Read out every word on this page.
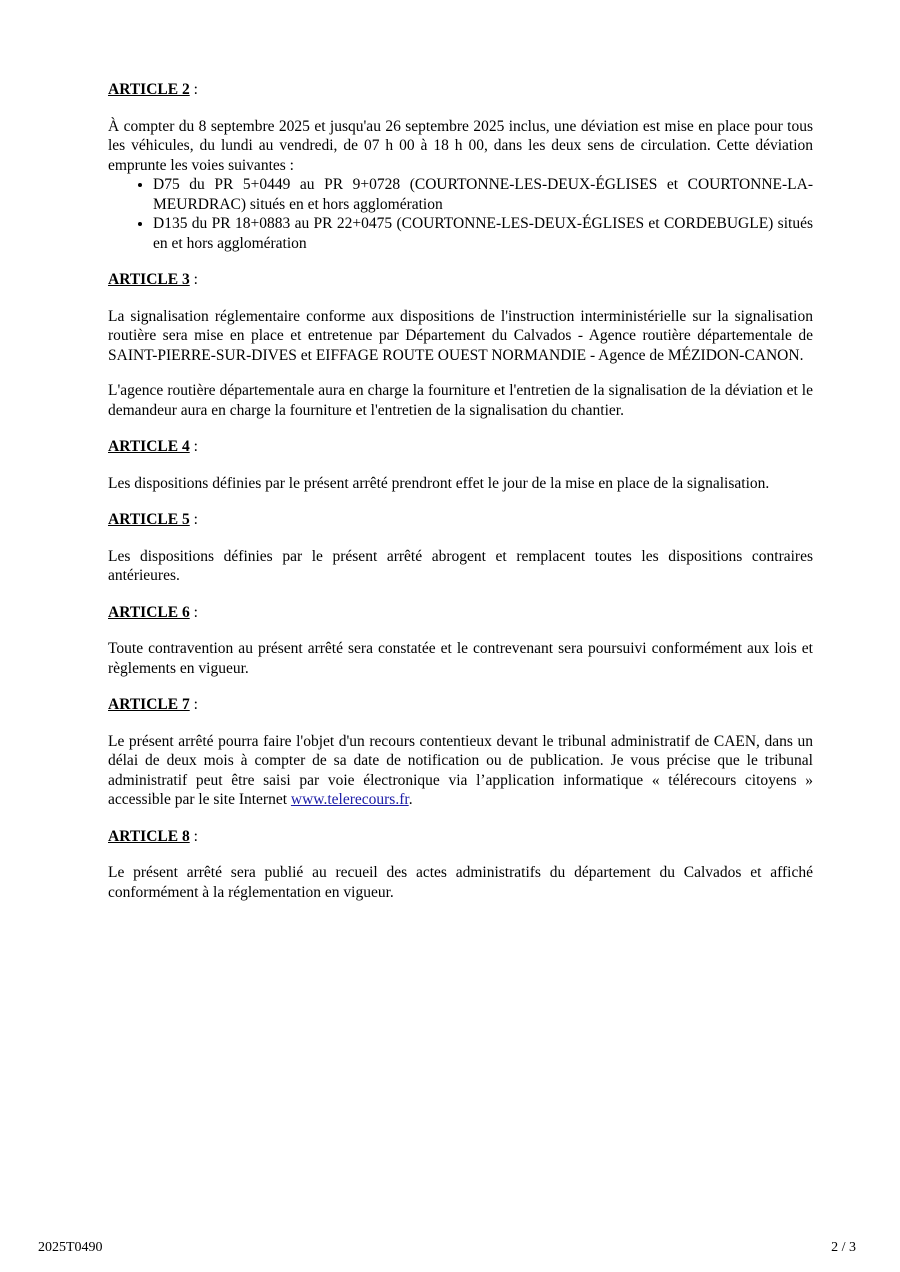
ARTICLE 2 :

À compter du 8 septembre 2025 et jusqu'au 26 septembre 2025 inclus, une déviation est mise en place pour tous les véhicules, du lundi au vendredi, de 07 h 00 à 18 h 00, dans les deux sens de circulation. Cette déviation emprunte les voies suivantes :

• D75 du PR 5+0449 au PR 9+0728 (COURTONNE-LES-DEUX-ÉGLISES et COURTONNE-LA-MEURDRAC) situés en et hors agglomération
• D135 du PR 18+0883 au PR 22+0475 (COURTONNE-LES-DEUX-ÉGLISES et CORDEBUGLE) situés en et hors agglomération

ARTICLE 3 :

La signalisation réglementaire conforme aux dispositions de l'instruction interministérielle sur la signalisation routière sera mise en place et entretenue par Département du Calvados - Agence routière départementale de SAINT-PIERRE-SUR-DIVES et EIFFAGE ROUTE OUEST NORMANDIE - Agence de MÉZIDON-CANON.

L'agence routière départementale aura en charge la fourniture et l'entretien de la signalisation de la déviation et le demandeur aura en charge la fourniture et l'entretien de la signalisation du chantier.

ARTICLE 4 :

Les dispositions définies par le présent arrêté prendront effet le jour de la mise en place de la signalisation.

ARTICLE 5 :

Les dispositions définies par le présent arrêté abrogent et remplacent toutes les dispositions contraires antérieures.

ARTICLE 6 :

Toute contravention au présent arrêté sera constatée et le contrevenant sera poursuivi conformément aux lois et règlements en vigueur.

ARTICLE 7 :

Le présent arrêté pourra faire l'objet d'un recours contentieux devant le tribunal administratif de CAEN, dans un délai de deux mois à compter de sa date de notification ou de publication. Je vous précise que le tribunal administratif peut être saisi par voie électronique via l’application informatique « télérecours citoyens » accessible par le site Internet www.telerecours.fr.

ARTICLE 8 :

Le présent arrêté sera publié au recueil des actes administratifs du département du Calvados et affiché conformément à la réglementation en vigueur.

2025T0490	2 / 3
